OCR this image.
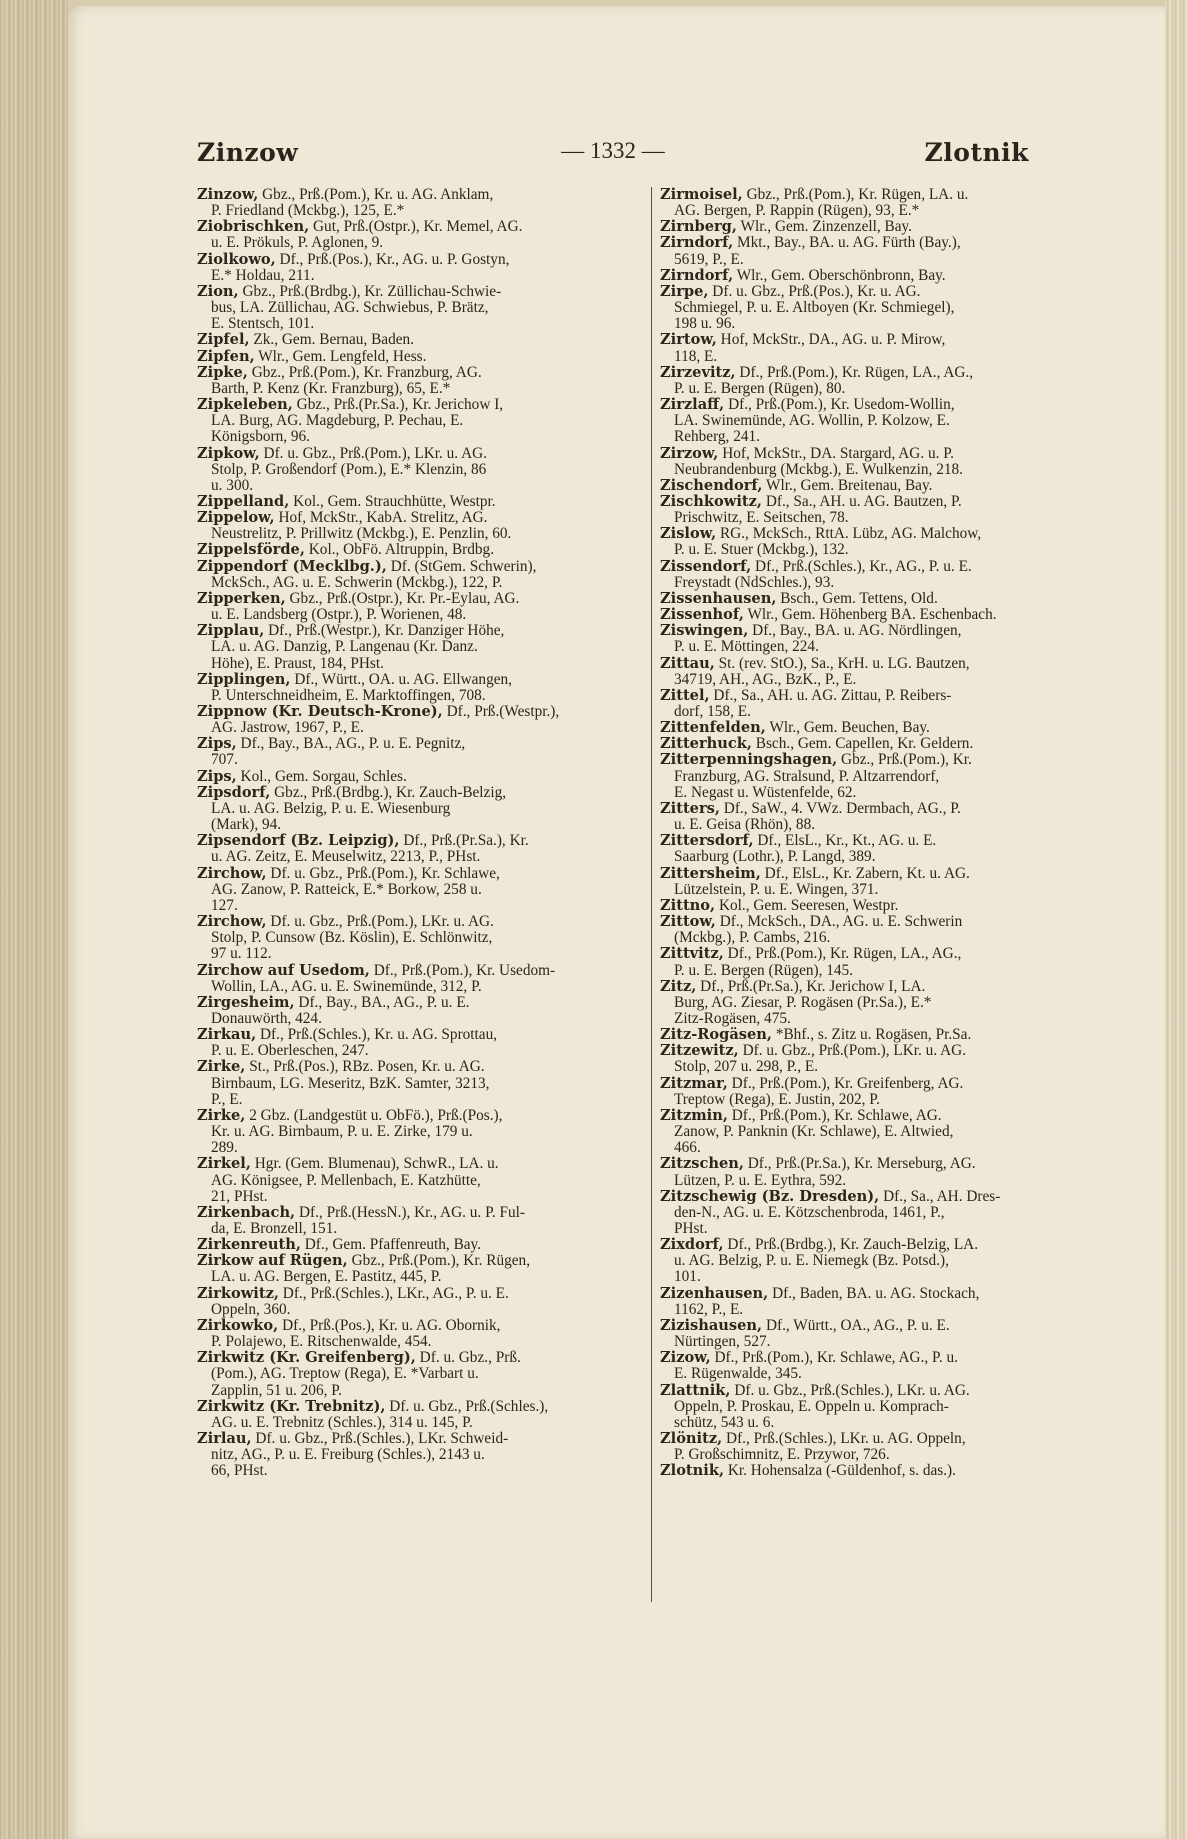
Zinzow	— 1332 —	Zlotnik

Zinzow, Gbz., Prß.(Pom.), Kr. u. AG. Anklam,
P. Friedland (Mckbg.), 125, E.*

Ziobrischken, Gut, Prß.(Ostpr.), Kr. Memel, AG.
u. E. Prökuls, P. Aglonen, 9.

Ziolkowo, Df., Prß.(Pos.), Kr., AG. u. P. Gostyn,
E.* Holdau, 211.

Zion, Gbz., Prß.(Brdbg.), Kr. Züllichau-Schwie-
bus, LA. Züllichau, AG. Schwiebus, P. Brätz,
E. Stentsch, 101.

Zipfel, Zk., Gem. Bernau, Baden.

Zipfen, Wlr., Gem. Lengfeld, Hess.

Zipke, Gbz., Prß.(Pom.), Kr. Franzburg, AG.
Barth, P. Kenz (Kr. Franzburg), 65, E.*

Zipkeleben, Gbz., Prß.(Pr.Sa.), Kr. Jerichow I,
LA. Burg, AG. Magdeburg, P. Pechau, E.
Königsborn, 96.

Zipkow, Df. u. Gbz., Prß.(Pom.), LKr. u. AG.
Stolp, P. Großendorf (Pom.), E.* Klenzin, 86
u. 300.

Zippelland, Kol., Gem. Strauchhütte, Westpr.

Zippelow, Hof, MckStr., KabA. Strelitz, AG.
Neustrelitz, P. Prillwitz (Mckbg.), E. Penzlin, 60.

Zippelsförde, Kol., ObFö. Altruppin, Brdbg.

Zippendorf (Mecklbg.), Df. (StGem. Schwerin),
MckSch., AG. u. E. Schwerin (Mckbg.), 122, P.

Zipperken, Gbz., Prß.(Ostpr.), Kr. Pr.-Eylau, AG.
u. E. Landsberg (Ostpr.), P. Worienen, 48.

Zipplau, Df., Prß.(Westpr.), Kr. Danziger Höhe,
LA. u. AG. Danzig, P. Langenau (Kr. Danz.
Höhe), E. Praust, 184, PHst.

Zipplingen, Df., Württ., OA. u. AG. Ellwangen,
P. Unterschneidheim, E. Marktoffingen, 708.

Zippnow (Kr. Deutsch-Krone), Df., Prß.(Westpr.),
AG. Jastrow, 1967, P., E.

Zips, Df., Bay., BA., AG., P. u. E. Pegnitz,
707.

Zips, Kol., Gem. Sorgau, Schles.

Zipsdorf, Gbz., Prß.(Brdbg.), Kr. Zauch-Belzig,
LA. u. AG. Belzig, P. u. E. Wiesenburg
(Mark), 94.

Zipsendorf (Bz. Leipzig), Df., Prß.(Pr.Sa.), Kr.
u. AG. Zeitz, E. Meuselwitz, 2213, P., PHst.

Zirchow, Df. u. Gbz., Prß.(Pom.), Kr. Schlawe,
AG. Zanow, P. Ratteick, E.* Borkow, 258 u.
127.

Zirchow, Df. u. Gbz., Prß.(Pom.), LKr. u. AG.
Stolp, P. Cunsow (Bz. Köslin), E. Schlönwitz,
97 u. 112.

Zirchow auf Usedom, Df., Prß.(Pom.), Kr. Usedom-
Wollin, LA., AG. u. E. Swinemünde, 312, P.

Zirgesheim, Df., Bay., BA., AG., P. u. E.
Donauwörth, 424.

Zirkau, Df., Prß.(Schles.), Kr. u. AG. Sprottau,
P. u. E. Oberleschen, 247.

Zirke, St., Prß.(Pos.), RBz. Posen, Kr. u. AG.
Birnbaum, LG. Meseritz, BzK. Samter, 3213,
P., E.

Zirke, 2 Gbz. (Landgestüt u. ObFö.), Prß.(Pos.),
Kr. u. AG. Birnbaum, P. u. E. Zirke, 179 u.
289.

Zirkel, Hgr. (Gem. Blumenau), SchwR., LA. u.
AG. Königsee, P. Mellenbach, E. Katzhütte,
21, PHst.

Zirkenbach, Df., Prß.(HessN.), Kr., AG. u. P. Ful-
da, E. Bronzell, 151.

Zirkenreuth, Df., Gem. Pfaffenreuth, Bay.

Zirkow auf Rügen, Gbz., Prß.(Pom.), Kr. Rügen,
LA. u. AG. Bergen, E. Pastitz, 445, P.

Zirkowitz, Df., Prß.(Schles.), LKr., AG., P. u. E.
Oppeln, 360.

Zirkowko, Df., Prß.(Pos.), Kr. u. AG. Obornik,
P. Polajewo, E. Ritschenwalde, 454.

Zirkwitz (Kr. Greifenberg), Df. u. Gbz., Prß.
(Pom.), AG. Treptow (Rega), E. *Varbart u.
Zapplin, 51 u. 206, P.

Zirkwitz (Kr. Trebnitz), Df. u. Gbz., Prß.(Schles.),
AG. u. E. Trebnitz (Schles.), 314 u. 145, P.

Zirlau, Df. u. Gbz., Prß.(Schles.), LKr. Schweid-
nitz, AG., P. u. E. Freiburg (Schles.), 2143 u.
66, PHst.

Zirmoisel, Gbz., Prß.(Pom.), Kr. Rügen, LA. u.
AG. Bergen, P. Rappin (Rügen), 93, E.*

Zirnberg, Wlr., Gem. Zinzenzell, Bay.

Zirndorf, Mkt., Bay., BA. u. AG. Fürth (Bay.),
5619, P., E.

Zirndorf, Wlr., Gem. Oberschönbronn, Bay.

Zirpe, Df. u. Gbz., Prß.(Pos.), Kr. u. AG.
Schmiegel, P. u. E. Altboyen (Kr. Schmiegel),
198 u. 96.

Zirtow, Hof, MckStr., DA., AG. u. P. Mirow,
118, E.

Zirzevitz, Df., Prß.(Pom.), Kr. Rügen, LA., AG.,
P. u. E. Bergen (Rügen), 80.

Zirzlaff, Df., Prß.(Pom.), Kr. Usedom-Wollin,
LA. Swinemünde, AG. Wollin, P. Kolzow, E.
Rehberg, 241.

Zirzow, Hof, MckStr., DA. Stargard, AG. u. P.
Neubrandenburg (Mckbg.), E. Wulkenzin, 218.

Zischendorf, Wlr., Gem. Breitenau, Bay.

Zischkowitz, Df., Sa., AH. u. AG. Bautzen, P.
Prischwitz, E. Seitschen, 78.

Zislow, RG., MckSch., RttA. Lübz, AG. Malchow,
P. u. E. Stuer (Mckbg.), 132.

Zissendorf, Df., Prß.(Schles.), Kr., AG., P. u. E.
Freystadt (NdSchles.), 93.

Zissenhausen, Bsch., Gem. Tettens, Old.

Zissenhof, Wlr., Gem. Höhenberg BA. Eschenbach.

Ziswingen, Df., Bay., BA. u. AG. Nördlingen,
P. u. E. Möttingen, 224.

Zittau, St. (rev. StO.), Sa., KrH. u. LG. Bautzen,
34719, AH., AG., BzK., P., E.

Zittel, Df., Sa., AH. u. AG. Zittau, P. Reibers-
dorf, 158, E.

Zittenfelden, Wlr., Gem. Beuchen, Bay.

Zitterhuck, Bsch., Gem. Capellen, Kr. Geldern.

Zitterpenningshagen, Gbz., Prß.(Pom.), Kr.
Franzburg, AG. Stralsund, P. Altzarrendorf,
E. Negast u. Wüstenfelde, 62.

Zitters, Df., SaW., 4. VWz. Dermbach, AG., P.
u. E. Geisa (Rhön), 88.

Zittersdorf, Df., ElsL., Kr., Kt., AG. u. E.
Saarburg (Lothr.), P. Langd, 389.

Zittersheim, Df., ElsL., Kr. Zabern, Kt. u. AG.
Lützelstein, P. u. E. Wingen, 371.

Zittno, Kol., Gem. Seeresen, Westpr.

Zittow, Df., MckSch., DA., AG. u. E. Schwerin
(Mckbg.), P. Cambs, 216.

Zittvitz, Df., Prß.(Pom.), Kr. Rügen, LA., AG.,
P. u. E. Bergen (Rügen), 145.

Zitz, Df., Prß.(Pr.Sa.), Kr. Jerichow I, LA.
Burg, AG. Ziesar, P. Rogäsen (Pr.Sa.), E.*
Zitz-Rogäsen, 475.

Zitz-Rogäsen, *Bhf., s. Zitz u. Rogäsen, Pr.Sa.

Zitzewitz, Df. u. Gbz., Prß.(Pom.), LKr. u. AG.
Stolp, 207 u. 298, P., E.

Zitzmar, Df., Prß.(Pom.), Kr. Greifenberg, AG.
Treptow (Rega), E. Justin, 202, P.

Zitzmin, Df., Prß.(Pom.), Kr. Schlawe, AG.
Zanow, P. Panknin (Kr. Schlawe), E. Altwied,
466.

Zitzschen, Df., Prß.(Pr.Sa.), Kr. Merseburg, AG.
Lützen, P. u. E. Eythra, 592.

Zitzschewig (Bz. Dresden), Df., Sa., AH. Dres-
den-N., AG. u. E. Kötzschenbroda, 1461, P.,
PHst.

Zixdorf, Df., Prß.(Brdbg.), Kr. Zauch-Belzig, LA.
u. AG. Belzig, P. u. E. Niemegk (Bz. Potsd.),
101.

Zizenhausen, Df., Baden, BA. u. AG. Stockach,
1162, P., E.

Zizishausen, Df., Württ., OA., AG., P. u. E.
Nürtingen, 527.

Zizow, Df., Prß.(Pom.), Kr. Schlawe, AG., P. u.
E. Rügenwalde, 345.

Zlattnik, Df. u. Gbz., Prß.(Schles.), LKr. u. AG.
Oppeln, P. Proskau, E. Oppeln u. Komprach-
schütz, 543 u. 6.

Zlönitz, Df., Prß.(Schles.), LKr. u. AG. Oppeln,
P. Großschimnitz, E. Przywor, 726.

Zlotnik, Kr. Hohensalza (-Güldenhof, s. das.).
